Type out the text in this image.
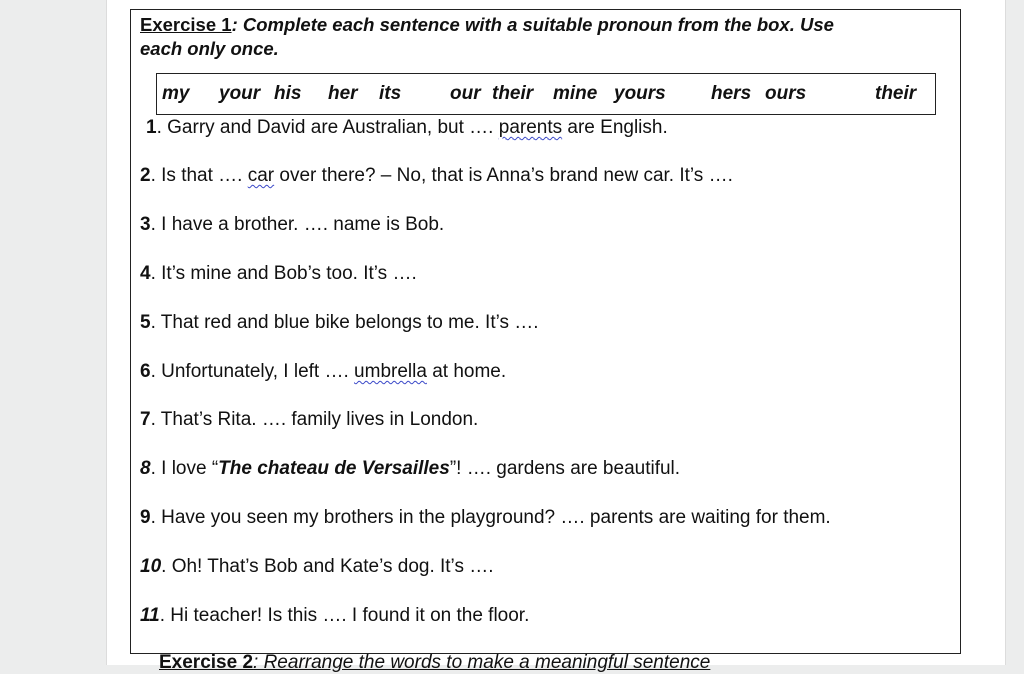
Exercise 1: Complete each sentence with a suitable pronoun from the box. Use
each only once.
my your his her its	our their mine yours hers ours	their
1. Garry and David are Australian, but …. parents are English.
2. Is that …. car over there? – No, that is Anna’s brand new car. It’s ….
3. I have a brother. …. name is Bob.
4. It’s mine and Bob’s too. It’s ….
5. That red and blue bike belongs to me. It’s ….
6. Unfortunately, I left …. umbrella at home.
7. That’s Rita. …. family lives in London.
8. I love “The chateau de Versailles”! …. gardens are beautiful.
9. Have you seen my brothers in the playground? …. parents are waiting for them.
10. Oh! That’s Bob and Kate’s dog. It’s ….
11. Hi teacher! Is this …. I found it on the floor.
Exercise 2: Rearrange the words to make a meaningful sentence
